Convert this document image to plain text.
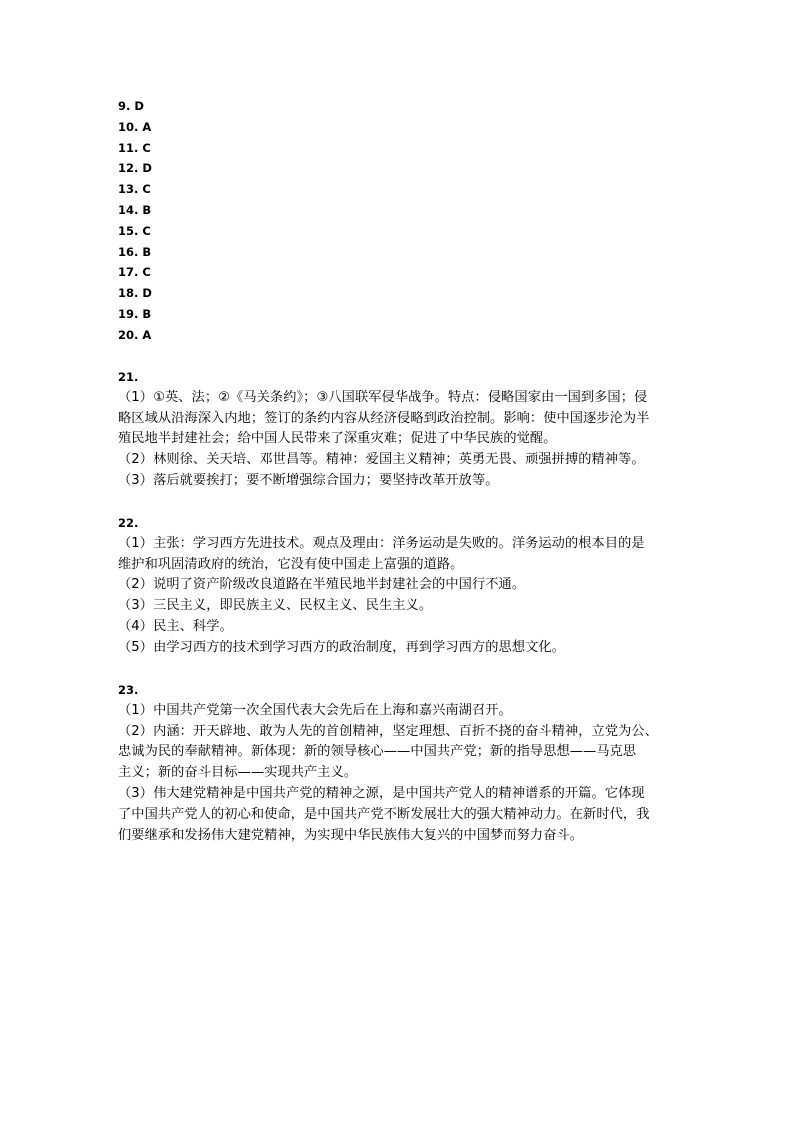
9. D
10. A
11. C
12. D
13. C
14. B
15. C
16. B
17. C
18. D
19. B
20. A
21.
（1）①英、法；②《马关条约》；③八国联军侵华战争。特点：侵略国家由一国到多国；侵
略区域从沿海深入内地；签订的条约内容从经济侵略到政治控制。影响：使中国逐步沦为半
殖民地半封建社会；给中国人民带来了深重灾难；促进了中华民族的觉醒。
（2）林则徐、关天培、邓世昌等。精神：爱国主义精神；英勇无畏、顽强拼搏的精神等。
（3）落后就要挨打；要不断增强综合国力；要坚持改革开放等。
22.
（1）主张：学习西方先进技术。观点及理由：洋务运动是失败的。洋务运动的根本目的是
维护和巩固清政府的统治，它没有使中国走上富强的道路。
（2）说明了资产阶级改良道路在半殖民地半封建社会的中国行不通。
（3）三民主义，即民族主义、民权主义、民生主义。
（4）民主、科学。
（5）由学习西方的技术到学习西方的政治制度，再到学习西方的思想文化。
23.
（1）中国共产党第一次全国代表大会先后在上海和嘉兴南湖召开。
（2）内涵：开天辟地、敢为人先的首创精神，坚定理想、百折不挠的奋斗精神，立党为公、
忠诚为民的奉献精神。新体现：新的领导核心——中国共产党；新的指导思想——马克思
主义；新的奋斗目标——实现共产主义。
（3）伟大建党精神是中国共产党的精神之源，是中国共产党人的精神谱系的开篇。它体现
了中国共产党人的初心和使命，是中国共产党不断发展壮大的强大精神动力。在新时代，我
们要继承和发扬伟大建党精神，为实现中华民族伟大复兴的中国梦而努力奋斗。
